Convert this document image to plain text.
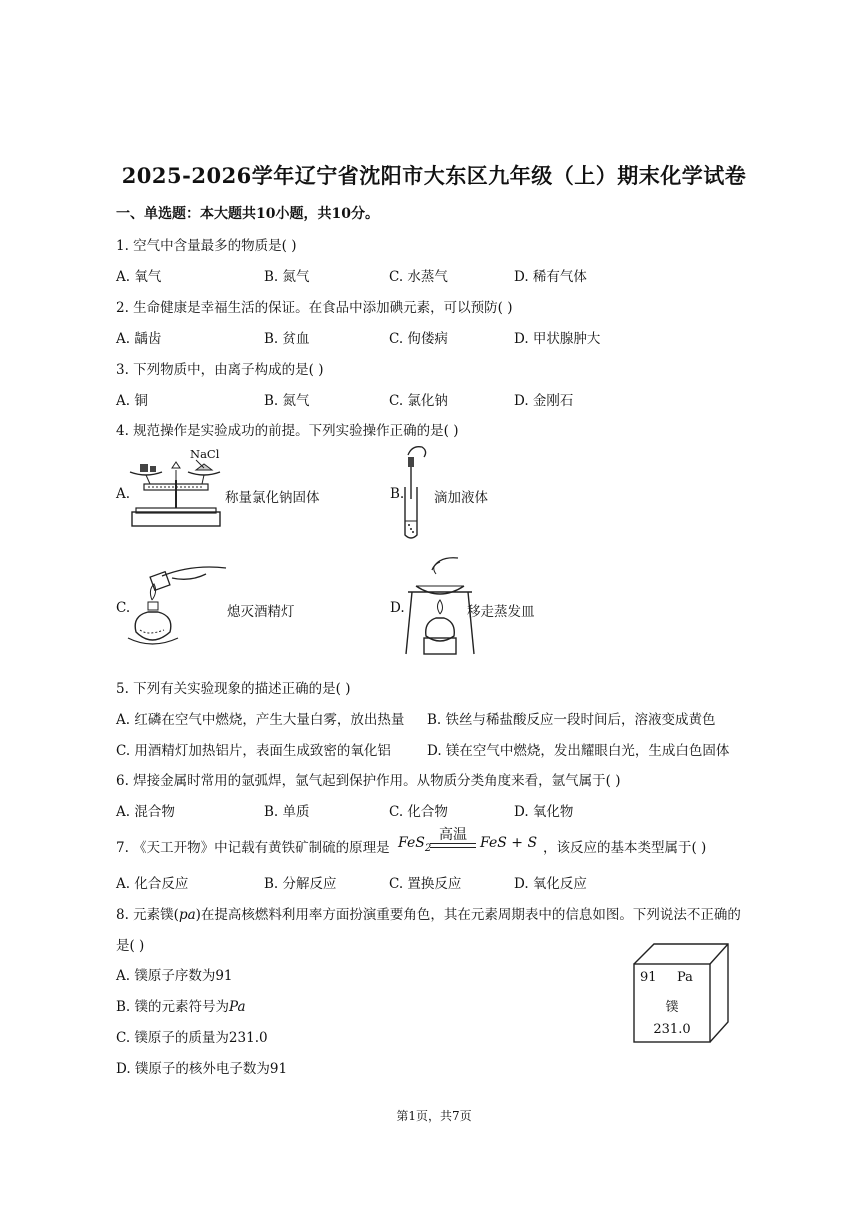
2025-2026学年辽宁省沈阳市大东区九年级（上）期末化学试卷
一、单选题：本大题共10小题，共10分。
1. 空气中含量最多的物质是( )
A. 氧气	B. 氮气	C. 水蒸气	D. 稀有气体
2. 生命健康是幸福生活的保证。在食品中添加碘元素，可以预防( )
A. 龋齿	B. 贫血	C. 佝偻病	D. 甲状腺肿大
3. 下列物质中，由离子构成的是( )
A. 铜	B. 氮气	C. 氯化钠	D. 金刚石
4. 规范操作是实验成功的前提。下列实验操作正确的是( )
A.
NaCl
称量氯化钠固体	B. 滴加液体
C.	熄灭酒精灯	D.	移走蒸发皿
5. 下列有关实验现象的描述正确的是( )
A. 红磷在空气中燃烧，产生大量白雾，放出热量 B. 铁丝与稀盐酸反应一段时间后，溶液变成黄色
C. 用酒精灯加热铝片，表面生成致密的氧化铝	D. 镁在空气中燃烧，发出耀眼白光，生成白色固体
6. 焊接金属时常用的氩弧焊，氩气起到保护作用。从物质分类角度来看，氩气属于( )
A. 混合物	B. 单质	C. 化合物	D. 氧化物
7. 《天工开物》中记载有黄铁矿制硫的原理是 FeS$_2$
高温 FeS + S ，该反应的基本类型属于( )
A. 化合反应	B. 分解反应	C. 置换反应	D. 氧化反应
8. 元素镤(pa)在提高核燃料利用率方面扮演重要角色，其在元素周期表中的信息如图。下列说法不正确的
是( )
A. 镤原子序数为91
B. 镤的元素符号为Pa
C. 镤原子的质量为231.0
D. 镤原子的核外电子数为91
91 Pa
镤
231.0
第1页，共7页
